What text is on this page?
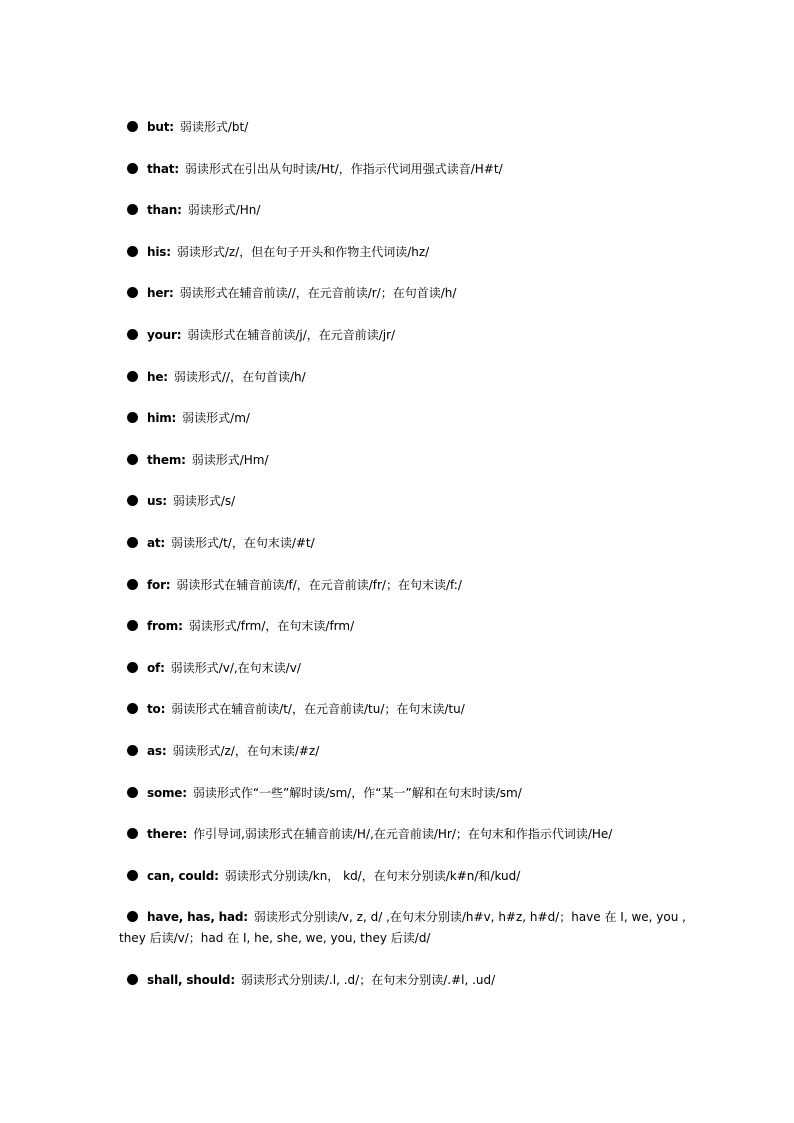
but: 弱读形式/bt/
that: 弱读形式在引出从句时读/Ht/，作指示代词用强式读音/H#t/
than: 弱读形式/Hn/
his: 弱读形式/z/，但在句子开头和作物主代词读/hz/
her: 弱读形式在辅音前读//，在元音前读/r/；在句首读/h/
your: 弱读形式在辅音前读/j/，在元音前读/jr/
he: 弱读形式//，在句首读/h/
him: 弱读形式/m/
them: 弱读形式/Hm/
us: 弱读形式/s/
at: 弱读形式/t/，在句末读/#t/
for: 弱读形式在辅音前读/f/，在元音前读/fr/；在句末读/f:/
from: 弱读形式/frm/，在句末读/frm/
of: 弱读形式/v/,在句末读/v/
to: 弱读形式在辅音前读/t/，在元音前读/tu/；在句末读/tu/
as: 弱读形式/z/，在句末读/#z/
some: 弱读形式作“一些”解时读/sm/，作“某一”解和在句末时读/sm/
there: 作引导词,弱读形式在辅音前读/H/,在元音前读/Hr/；在句末和作指示代词读/He/
can, could: 弱读形式分别读/kn， kd/，在句末分别读/k#n/和/kud/
have, has, had: 弱读形式分别读/v, z, d/ ,在句末分别读/h#v, h#z, h#d/；have 在 I, we, you ,
they 后读/v/；had 在 I, he, she, we, you, they 后读/d/
shall, should: 弱读形式分别读/.l, .d/；在句末分别读/.#l, .ud/
